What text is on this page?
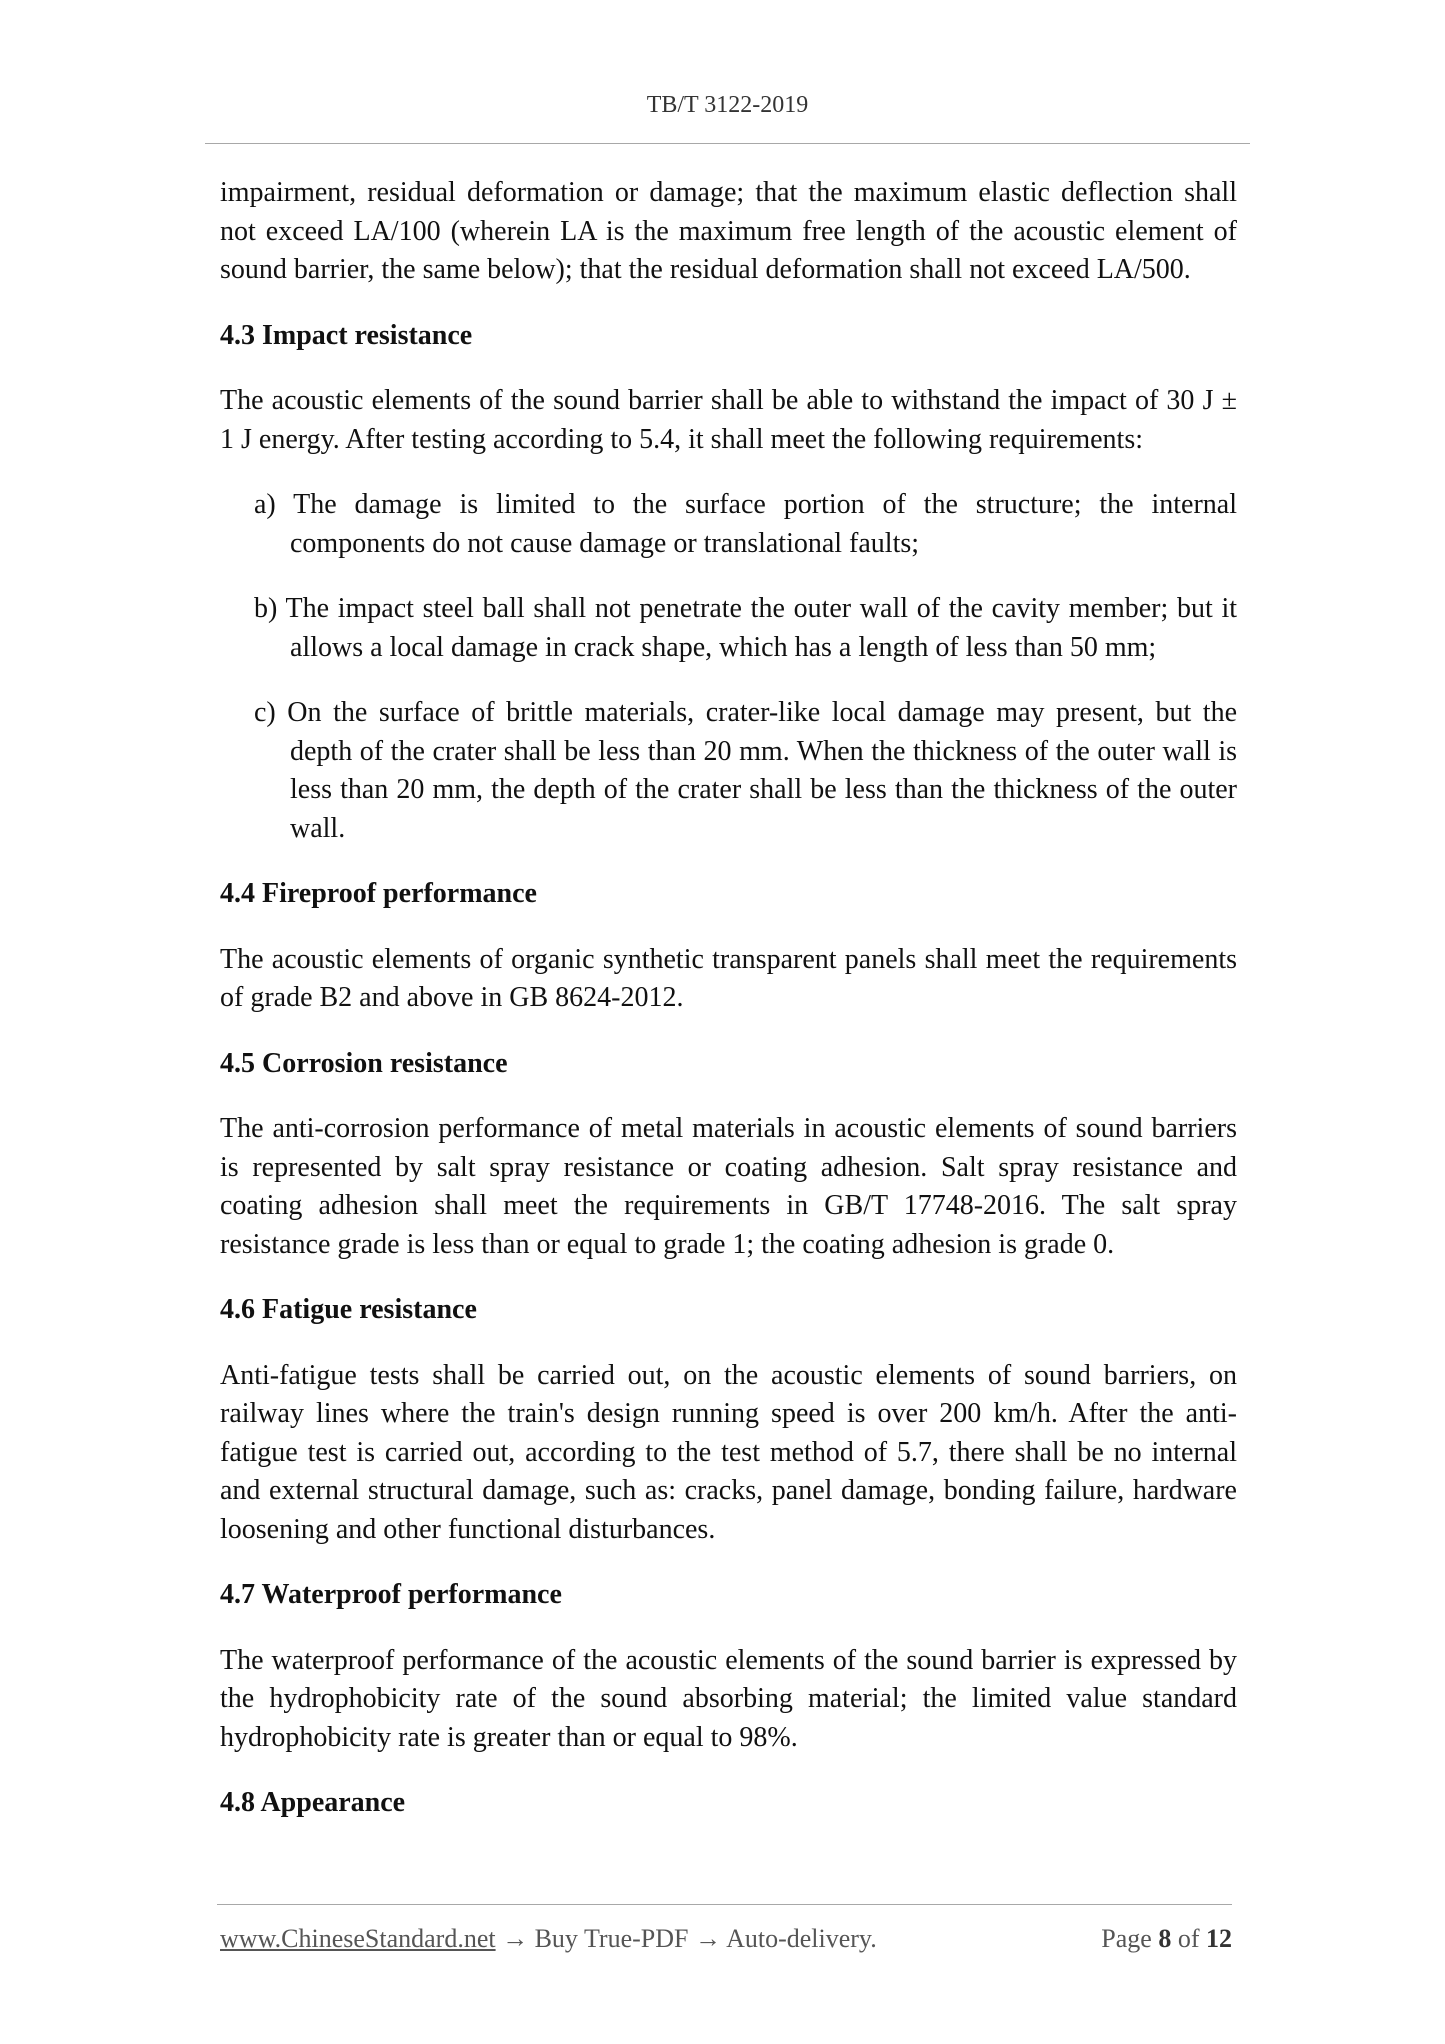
TB/T 3122-2019

impairment, residual deformation or damage; that the maximum elastic deflection shall not exceed LA/100 (wherein LA is the maximum free length of the acoustic element of sound barrier, the same below); that the residual deformation shall not exceed LA/500.

4.3 Impact resistance

The acoustic elements of the sound barrier shall be able to withstand the impact of 30 J ± 1 J energy. After testing according to 5.4, it shall meet the following requirements:

a) The damage is limited to the surface portion of the structure; the internal components do not cause damage or translational faults;
b) The impact steel ball shall not penetrate the outer wall of the cavity member; but it allows a local damage in crack shape, which has a length of less than 50 mm;
c) On the surface of brittle materials, crater-like local damage may present, but the depth of the crater shall be less than 20 mm. When the thickness of the outer wall is less than 20 mm, the depth of the crater shall be less than the thickness of the outer wall.
4.4 Fireproof performance

The acoustic elements of organic synthetic transparent panels shall meet the requirements of grade B2 and above in GB 8624-2012.

4.5 Corrosion resistance

The anti-corrosion performance of metal materials in acoustic elements of sound barriers is represented by salt spray resistance or coating adhesion. Salt spray resistance and coating adhesion shall meet the requirements in GB/T 17748-2016. The salt spray resistance grade is less than or equal to grade 1; the coating adhesion is grade 0.

4.6 Fatigue resistance

Anti-fatigue tests shall be carried out, on the acoustic elements of sound barriers, on railway lines where the train's design running speed is over 200 km/h. After the anti-fatigue test is carried out, according to the test method of 5.7, there shall be no internal and external structural damage, such as: cracks, panel damage, bonding failure, hardware loosening and other functional disturbances.

4.7 Waterproof performance

The waterproof performance of the acoustic elements of the sound barrier is expressed by the hydrophobicity rate of the sound absorbing material; the limited value standard hydrophobicity rate is greater than or equal to 98%.

4.8 Appearance
www.ChineseStandard.net → Buy True-PDF → Auto-delivery.	Page 8 of 12
